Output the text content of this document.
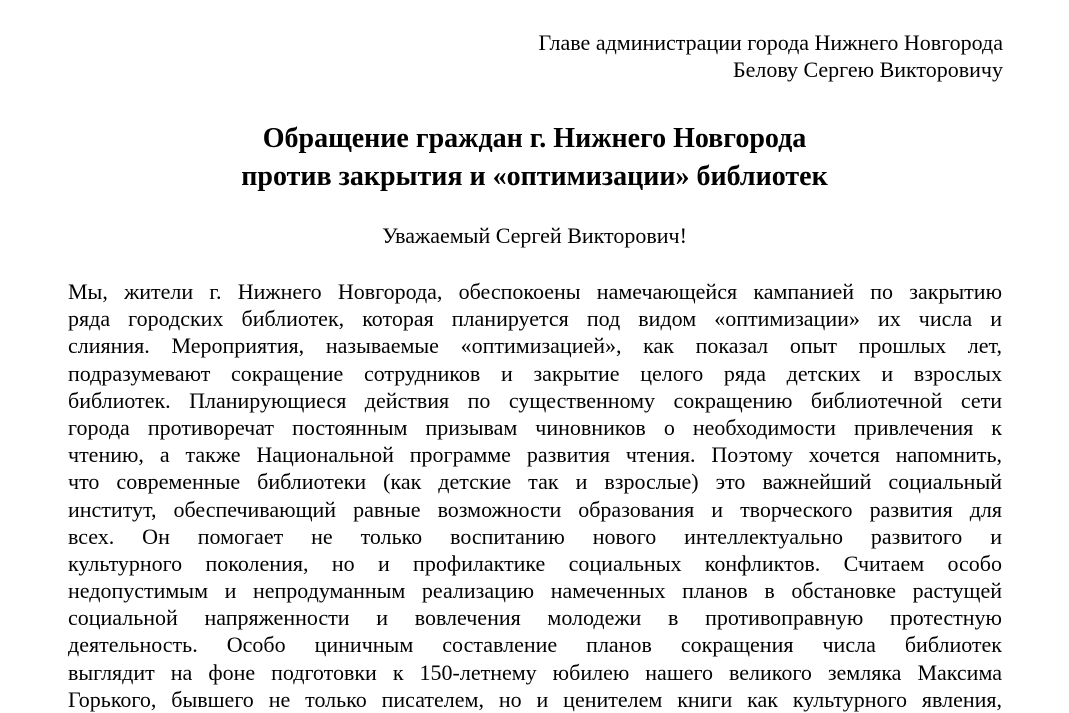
Главе администрации города Нижнего Новгорода
Белову Сергею Викторовичу
Обращение граждан г. Нижнего Новгорода
против закрытия и «оптимизации» библиотек
Уважаемый Сергей Викторович!
Мы, жители г. Нижнего Новгорода, обеспокоены намечающейся кампанией по закрытию
ряда городских библиотек, которая планируется под видом «оптимизации» их числа и
слияния. Мероприятия, называемые «оптимизацией», как показал опыт прошлых лет,
подразумевают сокращение сотрудников и закрытие целого ряда детских и взрослых
библиотек. Планирующиеся действия по существенному сокращению библиотечной сети
города противоречат постоянным призывам чиновников о необходимости привлечения к
чтению, а также Национальной программе развития чтения. Поэтому хочется напомнить,
что современные библиотеки (как детские так и взрослые) это важнейший социальный
институт, обеспечивающий равные возможности образования и творческого развития для
всех. Он помогает не только воспитанию нового интеллектуально развитого и
культурного поколения, но и профилактике социальных конфликтов. Считаем особо
недопустимым и непродуманным реализацию намеченных планов в обстановке растущей
социальной напряженности и вовлечения молодежи в противоправную протестную
деятельность. Особо циничным составление планов сокращения числа библиотек
выглядит на фоне подготовки к 150-летнему юбилею нашего великого земляка Максима
Горького, бывшего не только писателем, но и ценителем книги как культурного явления,
